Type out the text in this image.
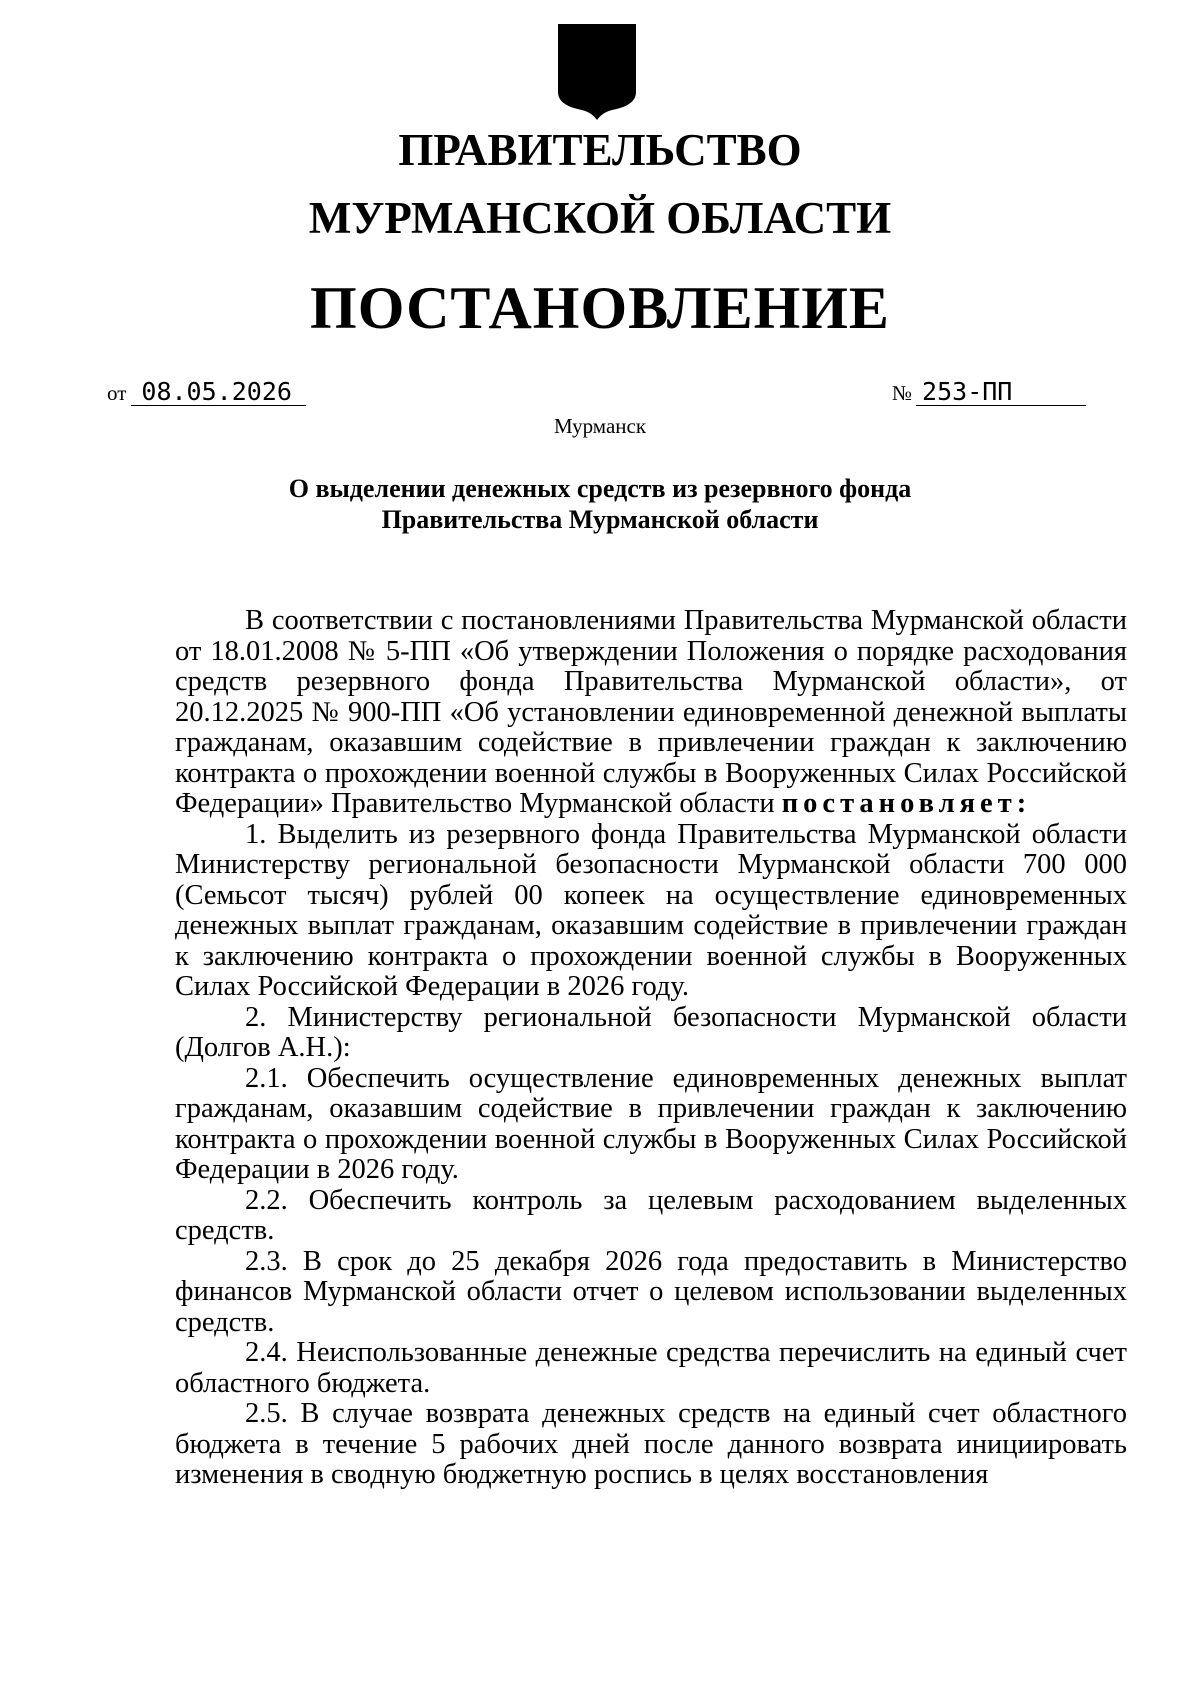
ПРАВИТЕЛЬСТВО
МУРМАНСКОЙ ОБЛАСТИ
ПОСТАНОВЛЕНИЕ
от 08.05.2026	№ 253-ПП
Мурманск
О выделении денежных средств из резервного фонда
Правительства Мурманской области

В соответствии с постановлениями Правительства Мурманской области от 18.01.2008 № 5-ПП «Об утверждении Положения о порядке расходования средств резервного фонда Правительства Мурманской области», от 20.12.2025 № 900-ПП «Об установлении единовременной денежной выплаты гражданам, оказавшим содействие в привлечении граждан к заключению контракта о прохождении военной службы в Вооруженных Силах Российской Федерации» Правительство Мурманской области постановляет:

1. Выделить из резервного фонда Правительства Мурманской области Министерству региональной безопасности Мурманской области 700 000 (Семьсот тысяч) рублей 00 копеек на осуществление единовременных денежных выплат гражданам, оказавшим содействие в привлечении граждан к заключению контракта о прохождении военной службы в Вооруженных Силах Российской Федерации в 2026 году.

2. Министерству региональной безопасности Мурманской области (Долгов А.Н.):

2.1. Обеспечить осуществление единовременных денежных выплат гражданам, оказавшим содействие в привлечении граждан к заключению контракта о прохождении военной службы в Вооруженных Силах Российской Федерации в 2026 году.

2.2. Обеспечить контроль за целевым расходованием выделенных средств.

2.3. В срок до 25 декабря 2026 года предоставить в Министерство финансов Мурманской области отчет о целевом использовании выделенных средств.

2.4. Неиспользованные денежные средства перечислить на единый счет областного бюджета.

2.5. В случае возврата денежных средств на единый счет областного бюджета в течение 5 рабочих дней после данного возврата инициировать изменения в сводную бюджетную роспись в целях восстановления
